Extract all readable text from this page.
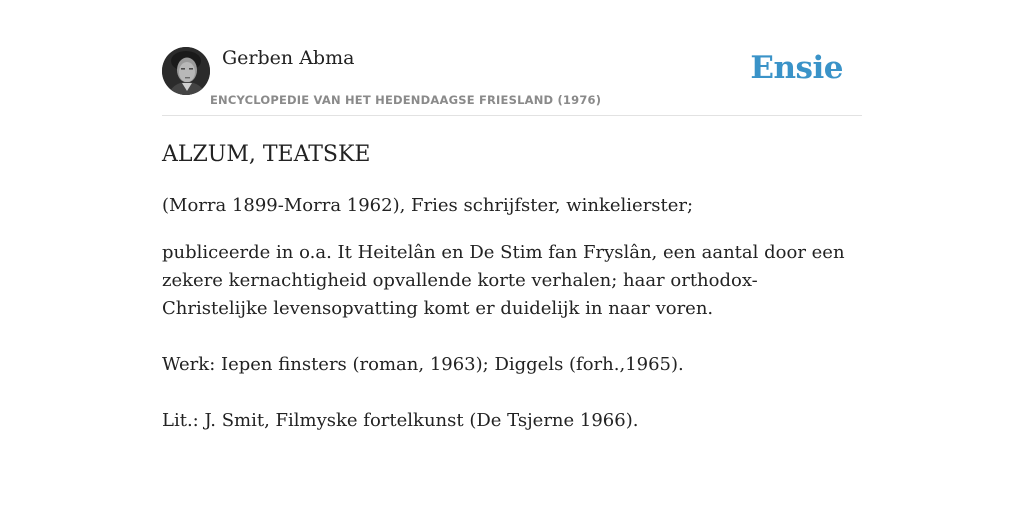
Gerben Abma
ENCYCLOPEDIE VAN HET HEDENDAAGSE FRIESLAND (1976)
Ensie
ALZUM, TEATSKE

(Morra 1899-Morra 1962), Fries schrijfster, winkelierster;

publiceerde in o.a. It Heitelân en De Stim fan Fryslân, een aantal door een zekere kernachtigheid opvallende korte verhalen; haar orthodox-Christelijke levensopvatting komt er duidelijk in naar voren.

Werk: Iepen finsters (roman, 1963); Diggels (forh.,1965).

Lit.: J. Smit, Filmyske fortelkunst (De Tsjerne 1966).
